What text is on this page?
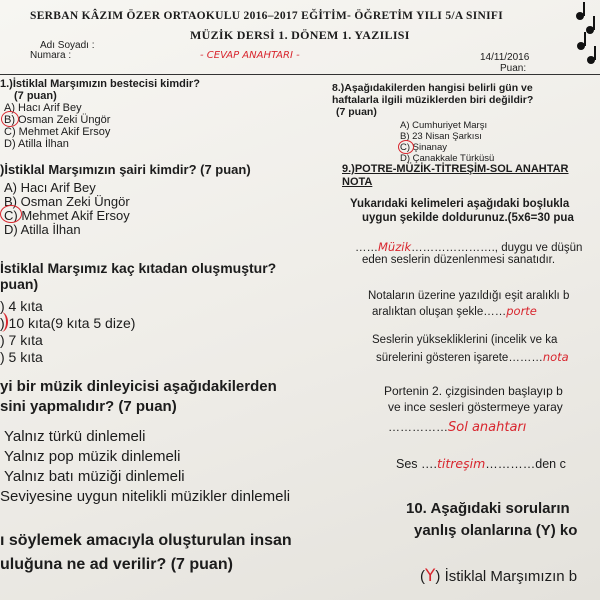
SERBAN KÂZIM ÖZER ORTAOKULU 2016–2017 EĞİTİM- ÖĞRETİM YILI 5/A SINIFI
MÜZİK DERSİ 1. DÖNEM 1. YAZILISI
Adı Soyadı :
Numara :	- CEVAP ANAHTARI -	14/11/2016
Puan:
1.)İstiklal Marşımızın bestecisi kimdir?
(7 puan)
A) Hacı Arif Bey
B) Osman Zeki Üngör
C) Mehmet Akif Ersoy
D) Atilla İlhan
)İstiklal Marşımızın şairi kimdir? (7 puan)
A) Hacı Arif Bey
B) Osman Zeki Üngör
C) Mehmet Akif Ersoy
D) Atilla İlhan
İstiklal Marşımız kaç kıtadan oluşmuştur?
puan)
) 4 kıta
) 10 kıta(9 kıta 5 dize)
) 7 kıta
) 5 kıta
yi bir müzik dinleyicisi aşağıdakilerden
sini yapmalıdır? (7 puan)
Yalnız türkü dinlemeli
Yalnız pop müzik dinlemeli
Yalnız batı müziği dinlemeli
Seviyesine uygun nitelikli müzikler dinlemeli
ı söylemek amacıyla oluşturulan insan
uluğuna ne ad verilir? (7 puan)
8.)Aşağıdakilerden hangisi belirli gün ve
haftalarla ilgili müziklerden biri değildir?
(7 puan)
A) Cumhuriyet Marşı
B) 23 Nisan Şarkısı
C) Şinanay
D) Çanakkale Türküsü
9.)POTRE-MÜZİK-TİTREŞİM-SOL ANAHTAR
NOTA
Yukarıdaki kelimeleri aşağıdaki boşlukla
uygun şekilde doldurunuz.(5x6=30 pua
……Müzik…………………., duygu ve düşün
eden seslerin düzenlenmesi sanatıdır.
Notaların üzerine yazıldığı eşit aralıklı b
aralıktan oluşan şekle……porte
Seslerin yüksekliklerini (incelik ve ka
sürelerini gösteren işarete………nota
Portenin 2. çizgisinden başlayıp b
ve ince sesleri göstermeye yaray
……………Sol anahtarı
Ses ….titreşim…………den c
10. Aşağıdaki soruların
yanlış olanlarına (Y) ko
(Y) İstiklal Marşımızın b
